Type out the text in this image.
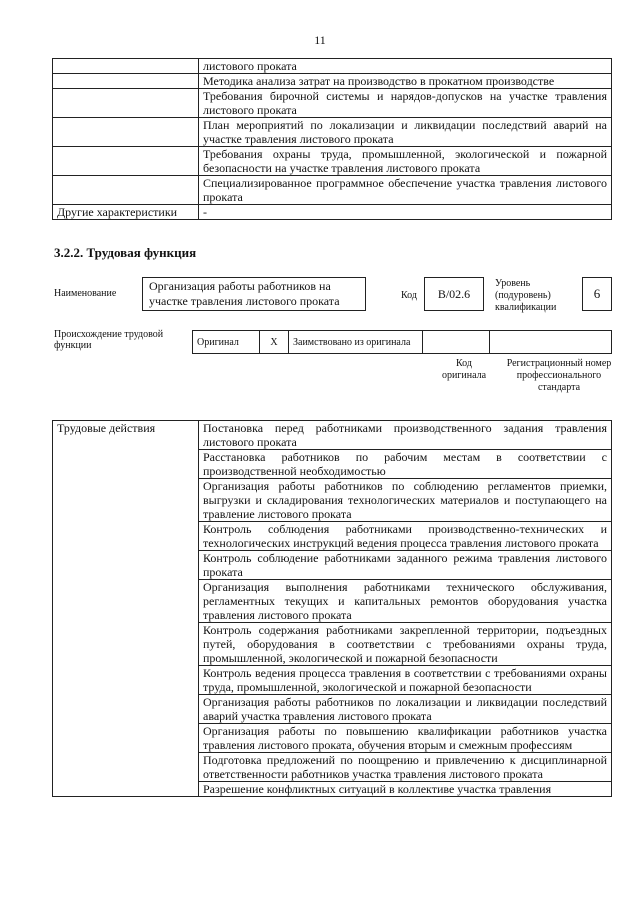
11
	листового проката
	Методика анализа затрат на производство в прокатном производстве
	Требования бирочной системы и нарядов-допусков на участке травления листового проката
	План мероприятий по локализации и ликвидации последствий аварий на участке травления листового проката
	Требования охраны труда, промышленной, экологической и пожарной безопасности на участке травления листового проката
	Специализированное программное обеспечение участка травления листового проката
Другие характеристики	-
3.2.2. Трудовая функция
Наименование
Организация работы работников на участке травления листового проката	Код	В/02.6
Уровень (подуровень) квалификации
6
Происхождение трудовой функции	Оригинал	Х	Заимствовано из оригинала		
Код оригинала
Регистрационный номер профессионального стандарта
Трудовые действия	Постановка перед работниками производственного задания травления листового проката
Расстановка работников по рабочим местам в соответствии с производственной необходимостью
Организация работы работников по соблюдению регламентов приемки, выгрузки и складирования технологических материалов и поступающего на травление листового проката
Контроль соблюдения работниками производственно-технических и технологических инструкций ведения процесса травления листового проката
Контроль соблюдение работниками заданного режима травления листового проката
Организация выполнения работниками технического обслуживания, регламентных текущих и капитальных ремонтов оборудования участка травления листового проката
Контроль содержания работниками закрепленной территории, подъездных путей, оборудования в соответствии с требованиями охраны труда, промышленной, экологической и пожарной безопасности
Контроль ведения процесса травления в соответствии с требованиями охраны труда, промышленной, экологической и пожарной безопасности
Организация работы работников по локализации и ликвидации последствий аварий участка травления листового проката
Организация работы по повышению квалификации работников участка травления листового проката, обучения вторым и смежным профессиям
Подготовка предложений по поощрению и привлечению к дисциплинарной ответственности работников участка травления листового проката
Разрешение конфликтных ситуаций в коллективе участка травления
